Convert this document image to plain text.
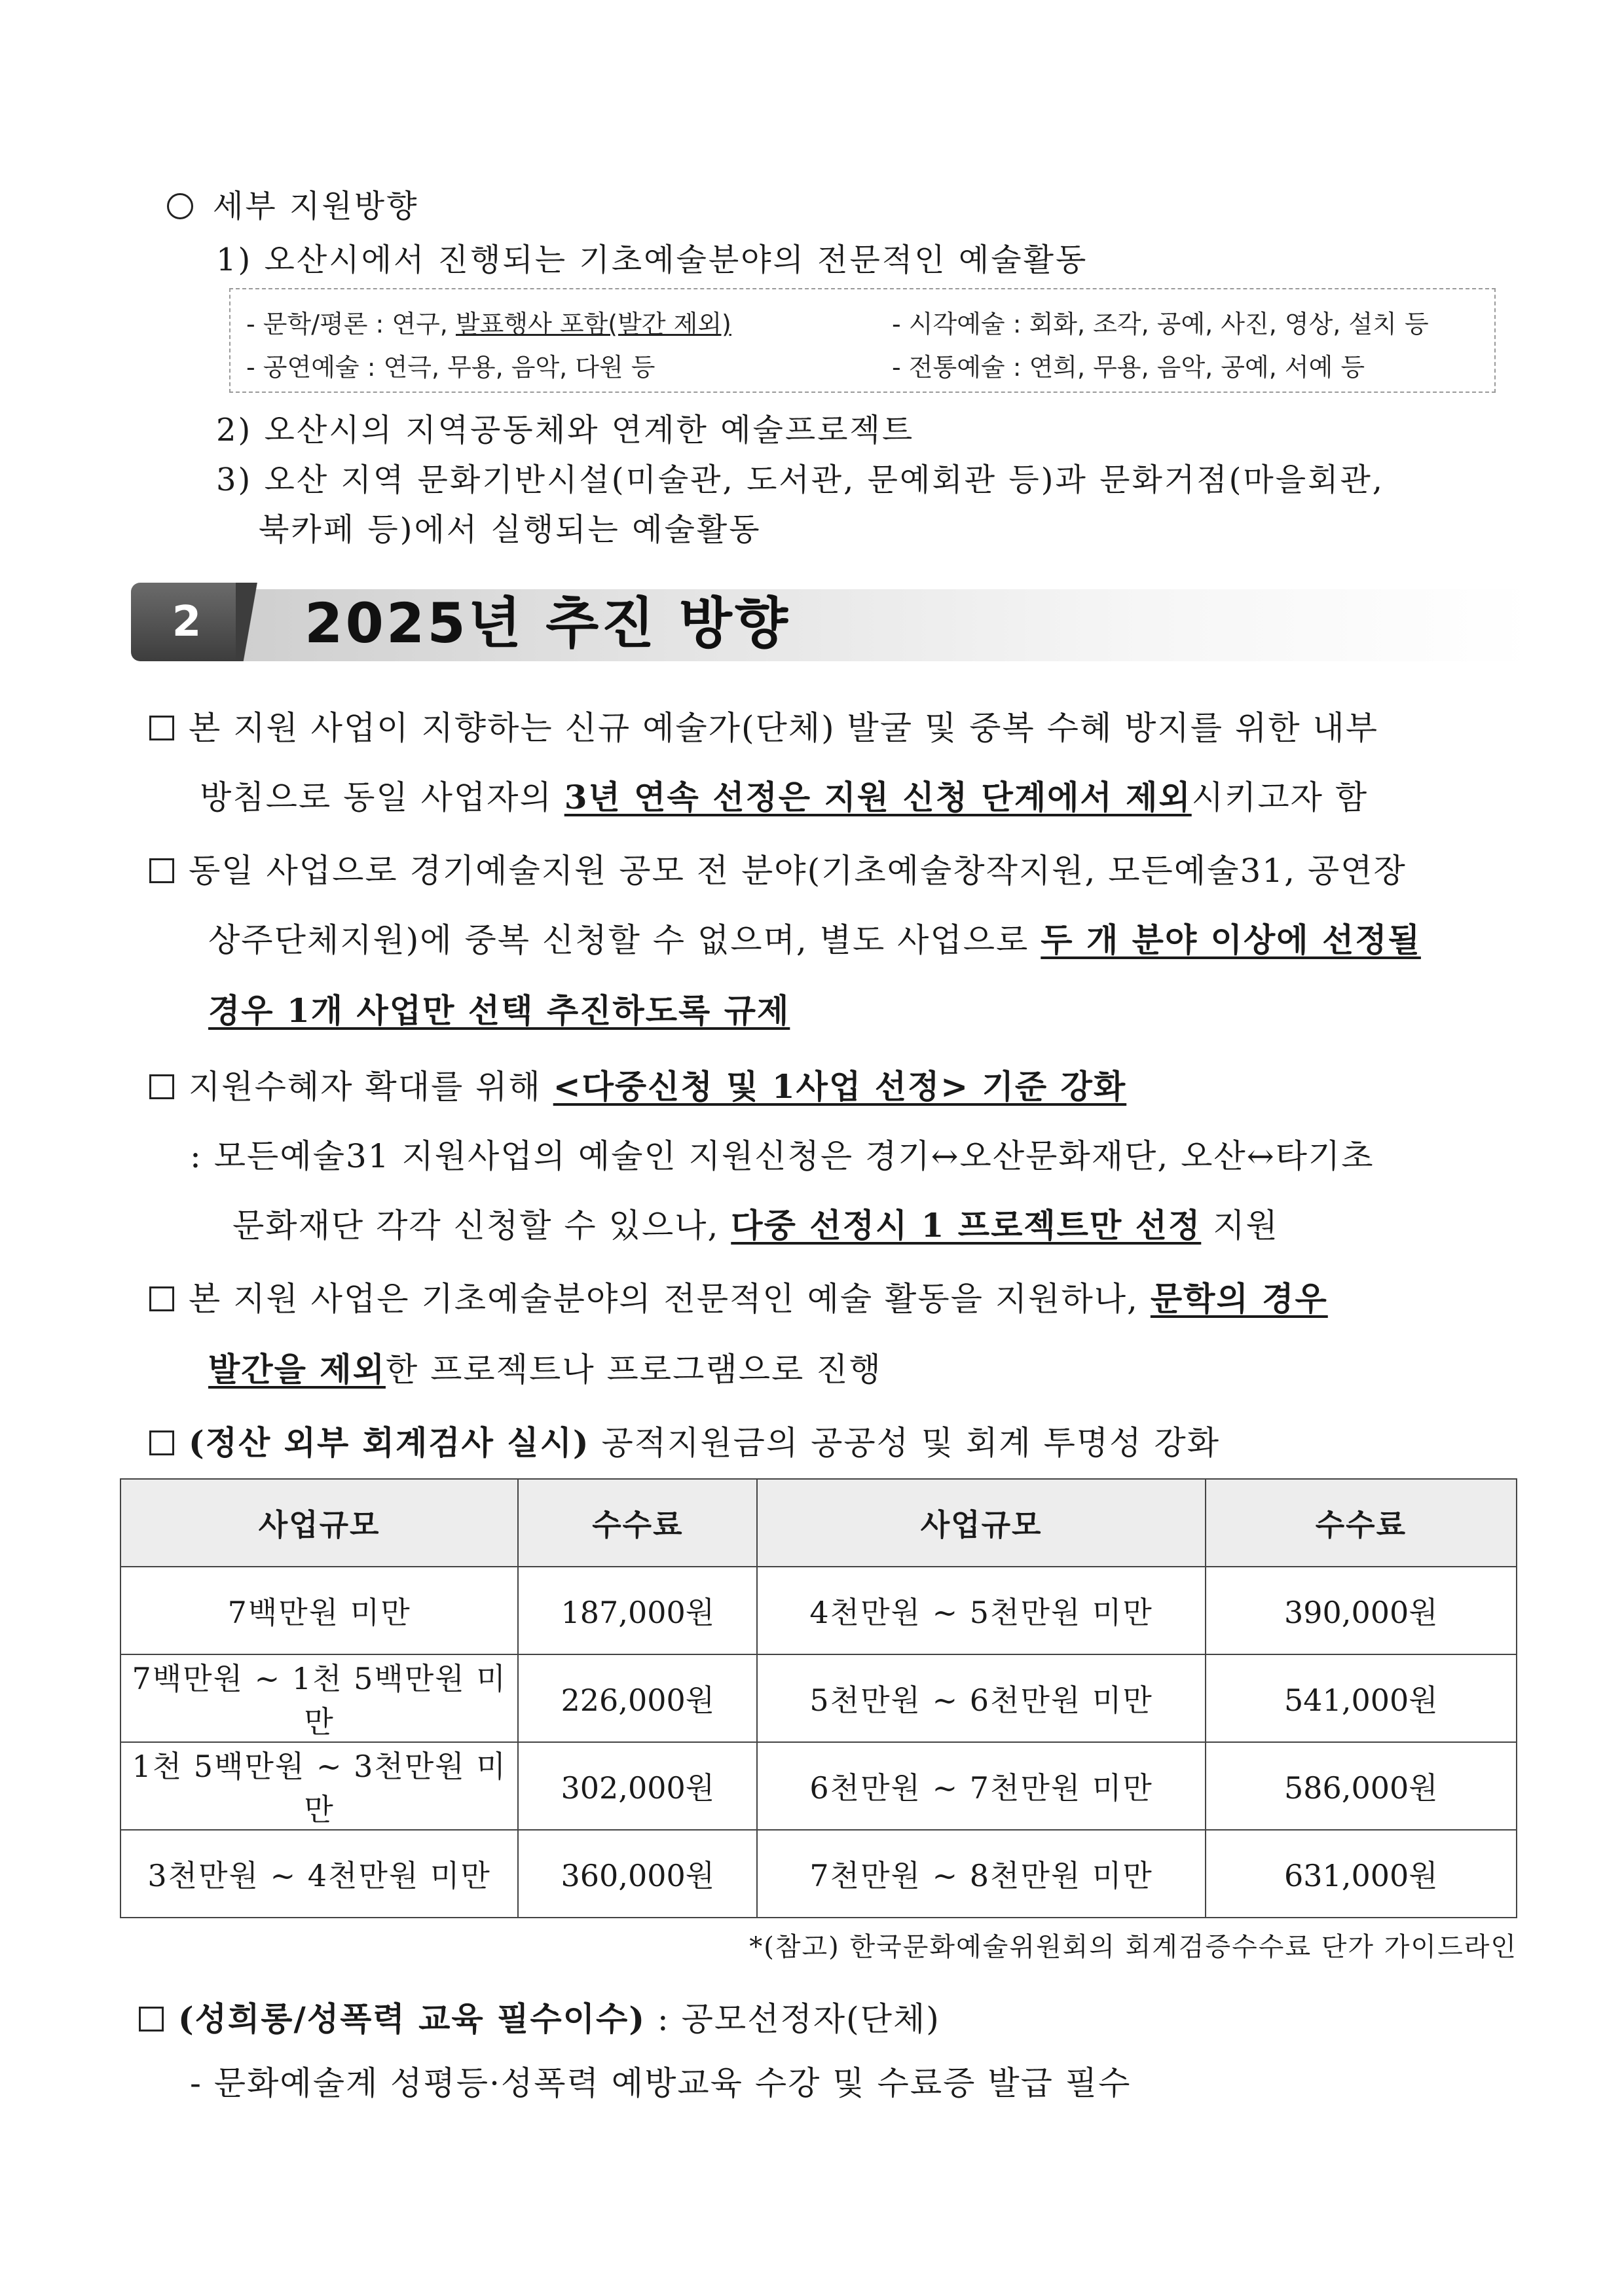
세부 지원방향
1) 오산시에서 진행되는 기초예술분야의 전문적인 예술활동
- 문학/평론 : 연구, 발표행사 포함(발간 제외)	- 시각예술 : 회화, 조각, 공예, 사진, 영상, 설치 등
- 공연예술 : 연극, 무용, 음악, 다원 등	- 전통예술 : 연희, 무용, 음악, 공예, 서예 등
2) 오산시의 지역공동체와 연계한 예술프로젝트
3) 오산 지역 문화기반시설(미술관, 도서관, 문예회관 등)과 문화거점(마을회관,
북카페 등)에서 실행되는 예술활동
2	2025년 추진 방향
본 지원 사업이 지향하는 신규 예술가(단체) 발굴 및 중복 수혜 방지를 위한 내부
방침으로 동일 사업자의 3년 연속 선정은 지원 신청 단계에서 제외시키고자 함
동일 사업으로 경기예술지원 공모 전 분야(기초예술창작지원, 모든예술31, 공연장
상주단체지원)에 중복 신청할 수 없으며, 별도 사업으로 두 개 분야 이상에 선정될
경우 1개 사업만 선택 추진하도록 규제
지원수혜자 확대를 위해 <다중신청 및 1사업 선정> 기준 강화
: 모든예술31 지원사업의 예술인 지원신청은 경기↔오산문화재단, 오산↔타기초
문화재단 각각 신청할 수 있으나, 다중 선정시 1 프로젝트만 선정 지원
본 지원 사업은 기초예술분야의 전문적인 예술 활동을 지원하나, 문학의 경우
발간을 제외한 프로젝트나 프로그램으로 진행
(정산 외부 회계검사 실시) 공적지원금의 공공성 및 회계 투명성 강화
사업규모	수수료	사업규모	수수료
7백만원 미만	187,000원	4천만원 ~ 5천만원 미만	390,000원
7백만원 ~ 1천 5백만원 미만	226,000원	5천만원 ~ 6천만원 미만	541,000원
1천 5백만원 ~ 3천만원 미만	302,000원	6천만원 ~ 7천만원 미만	586,000원
3천만원 ~ 4천만원 미만	360,000원	7천만원 ~ 8천만원 미만	631,000원
*(참고) 한국문화예술위원회의 회계검증수수료 단가 가이드라인
(성희롱/성폭력 교육 필수이수) : 공모선정자(단체)
- 문화예술계 성평등·성폭력 예방교육 수강 및 수료증 발급 필수
